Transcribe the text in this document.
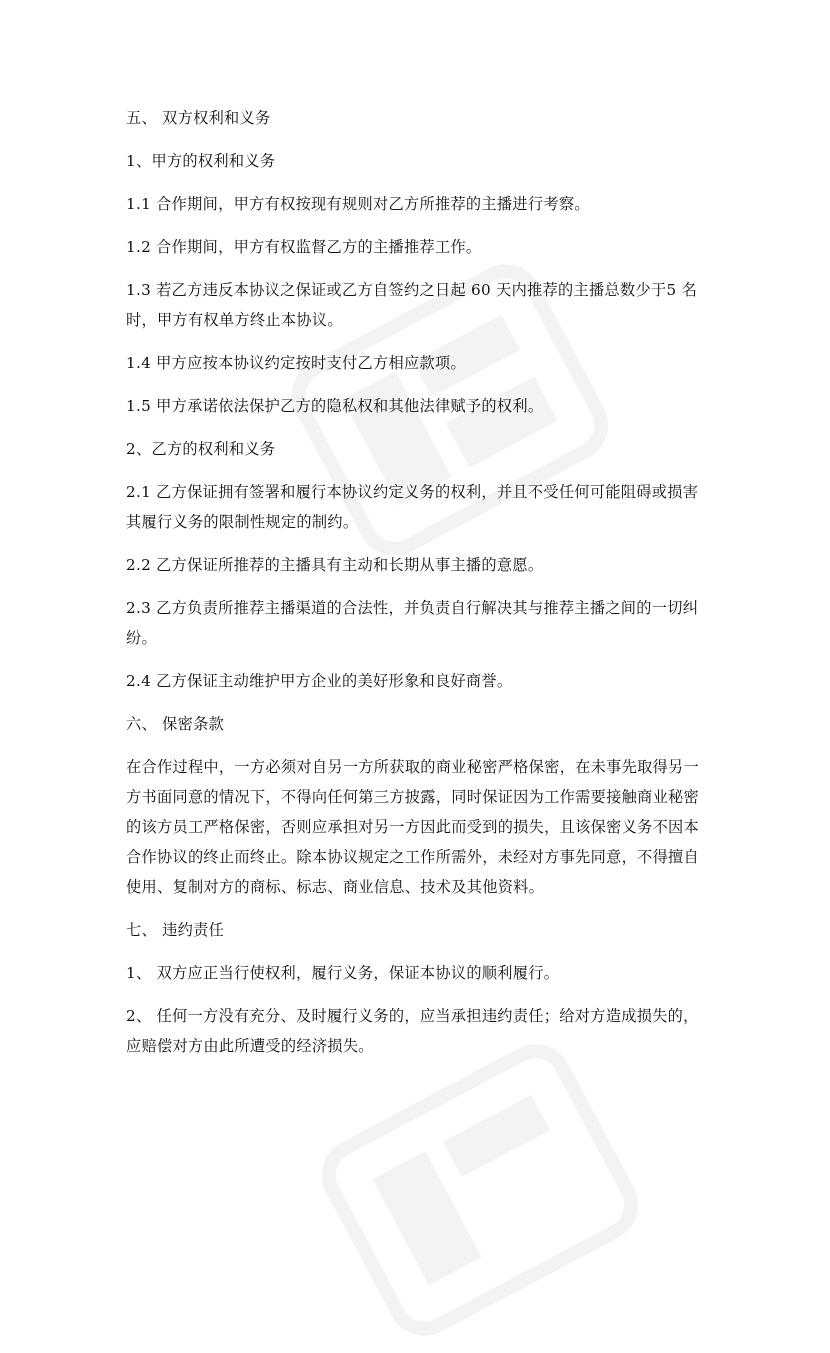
五、 双方权利和义务

1、甲方的权利和义务

1.1 合作期间，甲方有权按现有规则对乙方所推荐的主播进行考察。

1.2 合作期间，甲方有权监督乙方的主播推荐工作。

1.3 若乙方违反本协议之保证或乙方自签约之日起 60 天内推荐的主播总数少于5 名时，甲方有权单方终止本协议。

1.4 甲方应按本协议约定按时支付乙方相应款项。

1.5 甲方承诺依法保护乙方的隐私权和其他法律赋予的权利。

2、乙方的权利和义务

2.1 乙方保证拥有签署和履行本协议约定义务的权利，并且不受任何可能阻碍或损害其履行义务的限制性规定的制约。

2.2 乙方保证所推荐的主播具有主动和长期从事主播的意愿。

2.3 乙方负责所推荐主播渠道的合法性，并负责自行解决其与推荐主播之间的一切纠纷。

2.4 乙方保证主动维护甲方企业的美好形象和良好商誉。

六、 保密条款

在合作过程中，一方必须对自另一方所获取的商业秘密严格保密，在未事先取得另一方书面同意的情况下，不得向任何第三方披露，同时保证因为工作需要接触商业秘密的该方员工严格保密，否则应承担对另一方因此而受到的损失，且该保密义务不因本合作协议的终止而终止。除本协议规定之工作所需外，未经对方事先同意，不得擅自使用、复制对方的商标、标志、商业信息、技术及其他资料。

七、 违约责任

1、 双方应正当行使权利，履行义务，保证本协议的顺利履行。

2、 任何一方没有充分、及时履行义务的，应当承担违约责任；给对方造成损失的，应赔偿对方由此所遭受的经济损失。
